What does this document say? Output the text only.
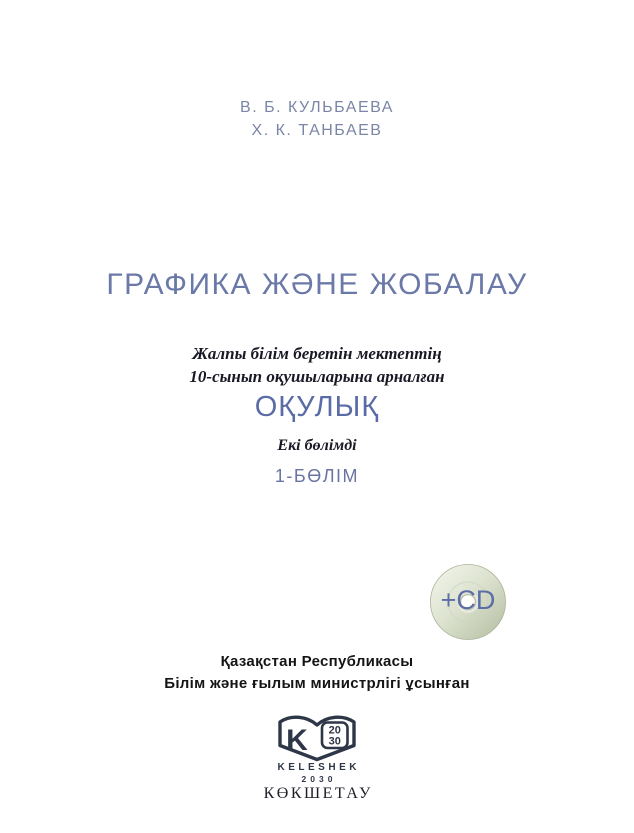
В. Б. КУЛЬБАЕВА
Х. К. ТАНБАЕВ
ГРАФИКА ЖӘНЕ ЖОБАЛАУ
Жалпы білім беретін мектептің
10-сынып оқушыларына арналған
ОҚУЛЫҚ
Екі бөлімді
1-БӨЛІМ
+CD
Қазақстан Республикасы
Білім және ғылым министрлігі ұсынған
K 20
30
KELESHEK
2030
КӨКШЕТАУ
